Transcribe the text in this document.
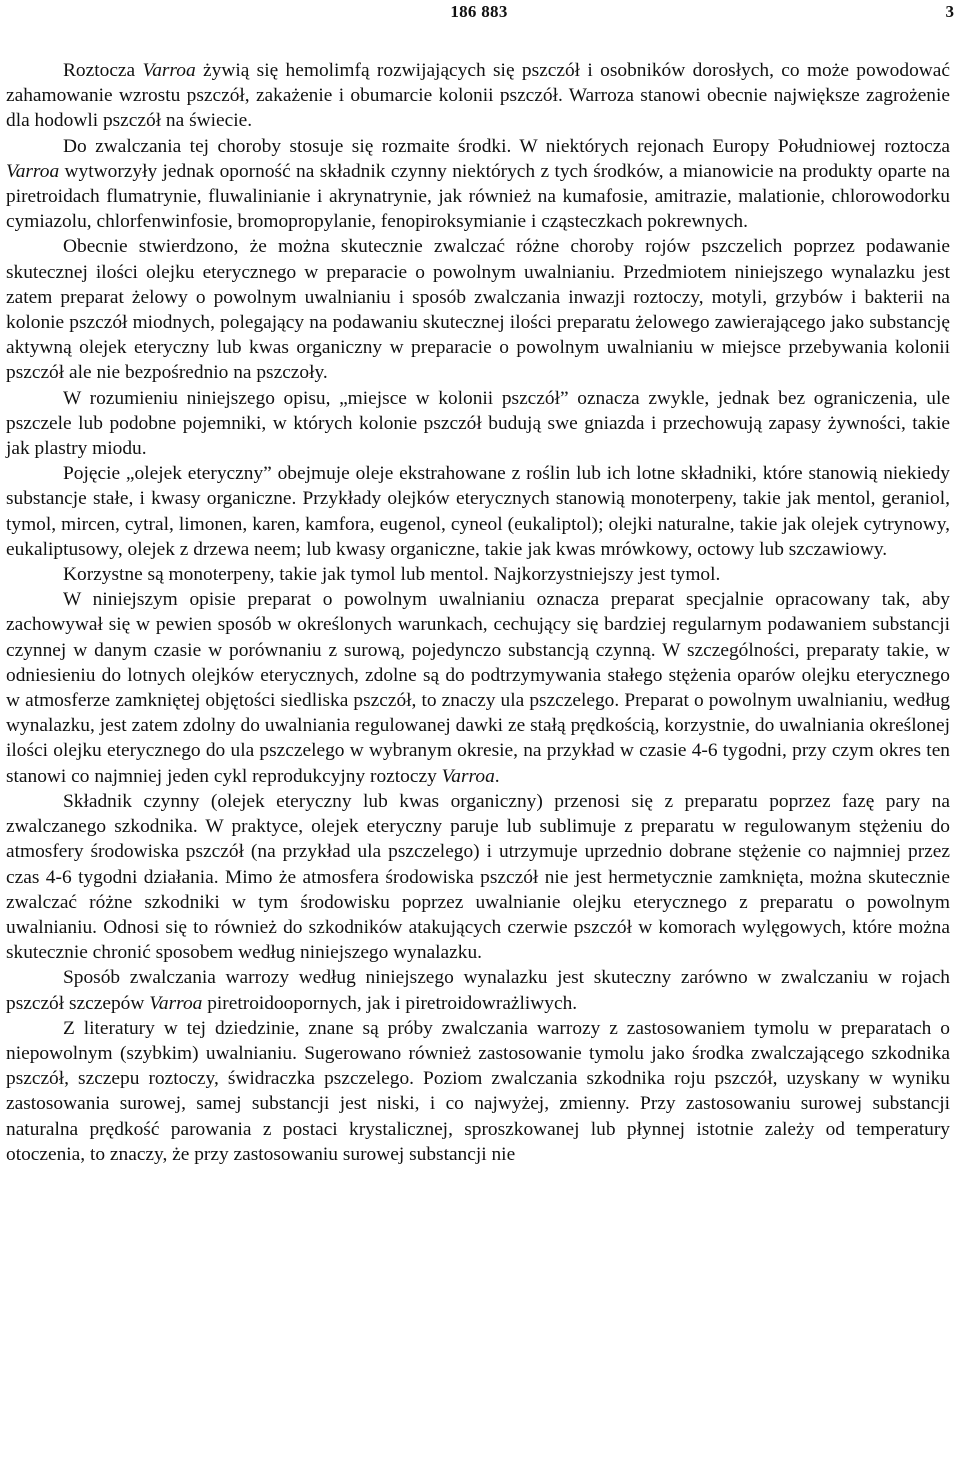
186 883	3

Roztocza Varroa żywią się hemolimfą rozwijających się pszczół i osobników dorosłych, co może powodować zahamowanie wzrostu pszczół, zakażenie i obumarcie kolonii pszczół. Warroza stanowi obecnie największe zagrożenie dla hodowli pszczół na świecie.

Do zwalczania tej choroby stosuje się rozmaite środki. W niektórych rejonach Europy Południowej roztocza Varroa wytworzyły jednak oporność na składnik czynny niektórych z tych środków, a mianowicie na produkty oparte na piretroidach flumatrynie, fluwalinianie i akrynatrynie, jak również na kumafosie, amitrazie, malationie, chlorowodorku cymiazolu, chlorfenwinfosie, bromopropylanie, fenopiroksymianie i cząsteczkach pokrewnych.

Obecnie stwierdzono, że można skutecznie zwalczać różne choroby rojów pszczelich poprzez podawanie skutecznej ilości olejku eterycznego w preparacie o powolnym uwalnianiu. Przedmiotem niniejszego wynalazku jest zatem preparat żelowy o powolnym uwalnianiu i sposób zwalczania inwazji roztoczy, motyli, grzybów i bakterii na kolonie pszczół miodnych, polegający na podawaniu skutecznej ilości preparatu żelowego zawierającego jako substancję aktywną olejek eteryczny lub kwas organiczny w preparacie o powolnym uwalnianiu w miejsce przebywania kolonii pszczół ale nie bezpośrednio na pszczoły.

W rozumieniu niniejszego opisu, „miejsce w kolonii pszczół” oznacza zwykle, jednak bez ograniczenia, ule pszczele lub podobne pojemniki, w których kolonie pszczół budują swe gniazda i przechowują zapasy żywności, takie jak plastry miodu.

Pojęcie „olejek eteryczny” obejmuje oleje ekstrahowane z roślin lub ich lotne składniki, które stanowią niekiedy substancje stałe, i kwasy organiczne. Przykłady olejków eterycznych stanowią monoterpeny, takie jak mentol, geraniol, tymol, mircen, cytral, limonen, karen, kamfora, eugenol, cyneol (eukaliptol); olejki naturalne, takie jak olejek cytrynowy, eukaliptusowy, olejek z drzewa neem; lub kwasy organiczne, takie jak kwas mrówkowy, octowy lub szczawiowy.

Korzystne są monoterpeny, takie jak tymol lub mentol. Najkorzystniejszy jest tymol.

W niniejszym opisie preparat o powolnym uwalnianiu oznacza preparat specjalnie opracowany tak, aby zachowywał się w pewien sposób w określonych warunkach, cechujący się bardziej regularnym podawaniem substancji czynnej w danym czasie w porównaniu z surową, pojedynczo substancją czynną. W szczególności, preparaty takie, w odniesieniu do lotnych olejków eterycznych, zdolne są do podtrzymywania stałego stężenia oparów olejku eterycznego w atmosferze zamkniętej objętości siedliska pszczół, to znaczy ula pszczelego. Preparat o powolnym uwalnianiu, według wynalazku, jest zatem zdolny do uwalniania regulowanej dawki ze stałą prędkością, korzystnie, do uwalniania określonej ilości olejku eterycznego do ula pszczelego w wybranym okresie, na przykład w czasie 4-6 tygodni, przy czym okres ten stanowi co najmniej jeden cykl reprodukcyjny roztoczy Varroa.

Składnik czynny (olejek eteryczny lub kwas organiczny) przenosi się z preparatu poprzez fazę pary na zwalczanego szkodnika. W praktyce, olejek eteryczny paruje lub sublimuje z preparatu w regulowanym stężeniu do atmosfery środowiska pszczół (na przykład ula pszczelego) i utrzymuje uprzednio dobrane stężenie co najmniej przez czas 4-6 tygodni działania. Mimo że atmosfera środowiska pszczół nie jest hermetycznie zamknięta, można skutecznie zwalczać różne szkodniki w tym środowisku poprzez uwalnianie olejku eterycznego z preparatu o powolnym uwalnianiu. Odnosi się to również do szkodników atakujących czerwie pszczół w komorach wylęgowych, które można skutecznie chronić sposobem według niniejszego wynalazku.

Sposób zwalczania warrozy według niniejszego wynalazku jest skuteczny zarówno w zwalczaniu w rojach pszczół szczepów Varroa piretroidoopornych, jak i piretroidowrażliwych.

Z literatury w tej dziedzinie, znane są próby zwalczania warrozy z zastosowaniem tymolu w preparatach o niepowolnym (szybkim) uwalnianiu. Sugerowano również zastosowanie tymolu jako środka zwalczającego szkodnika pszczół, szczepu roztoczy, świdraczka pszczelego. Poziom zwalczania szkodnika roju pszczół, uzyskany w wyniku zastosowania surowej, samej substancji jest niski, i co najwyżej, zmienny. Przy zastosowaniu surowej substancji naturalna prędkość parowania z postaci krystalicznej, sproszkowanej lub płynnej istotnie zależy od temperatury otoczenia, to znaczy, że przy zastosowaniu surowej substancji nie
